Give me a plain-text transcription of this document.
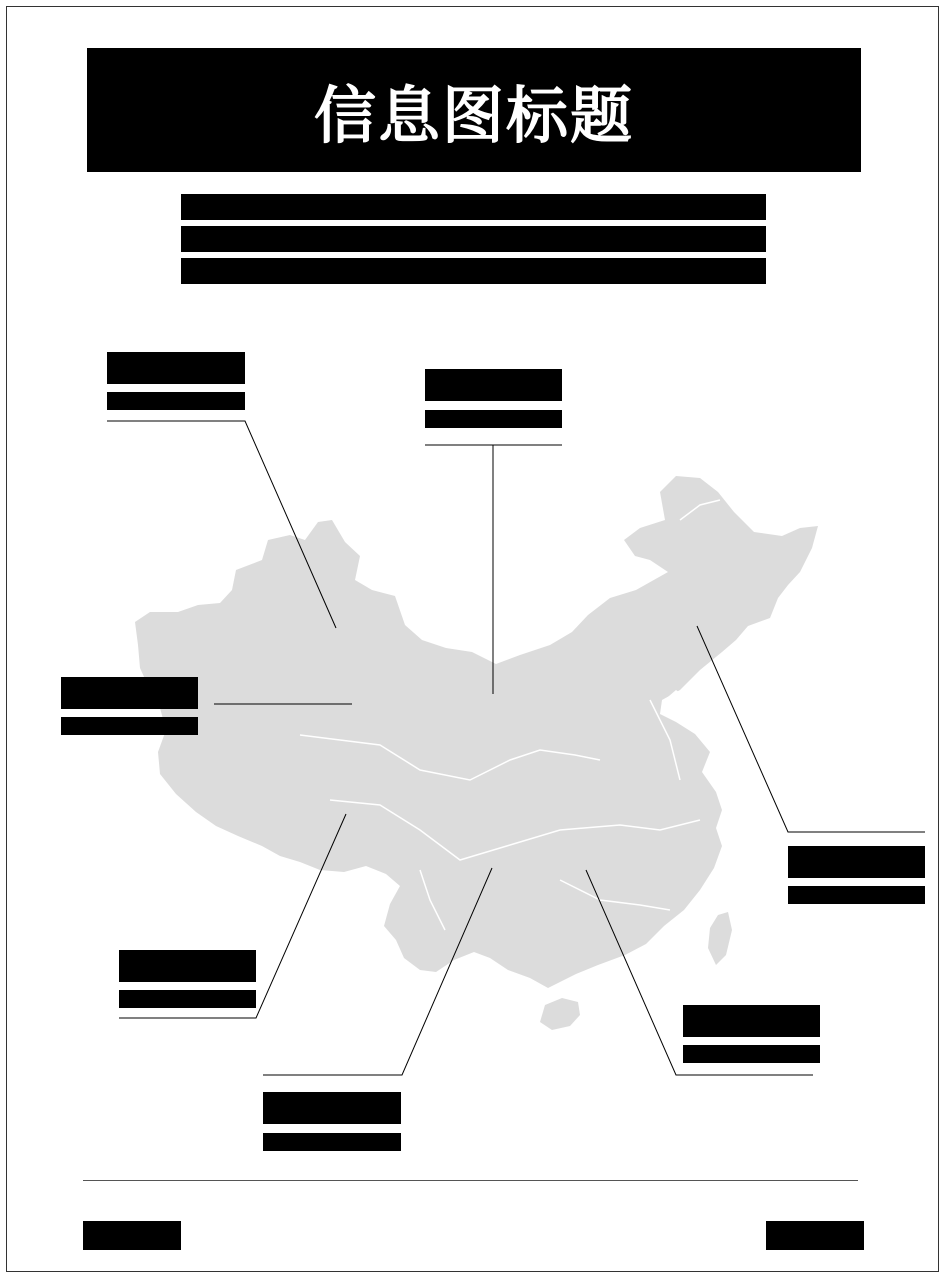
信息图标题
